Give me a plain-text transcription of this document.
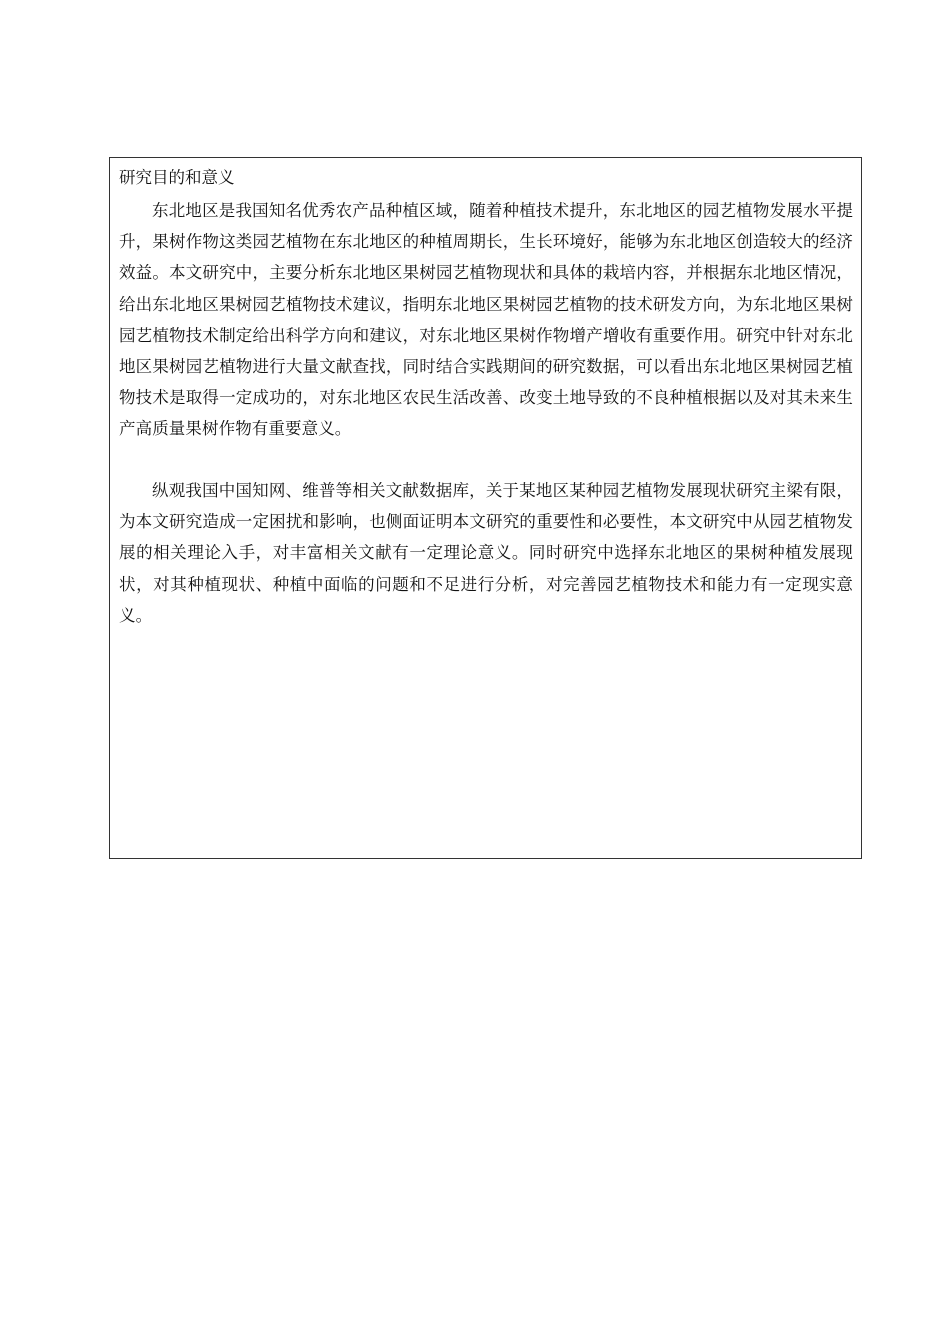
研究目的和意义

东北地区是我国知名优秀农产品种植区域，随着种植技术提升，东北地区的园艺植物发展水平提升，果树作物这类园艺植物在东北地区的种植周期长，生长环境好，能够为东北地区创造较大的经济效益。本文研究中，主要分析东北地区果树园艺植物现状和具体的栽培内容，并根据东北地区情况，给出东北地区果树园艺植物技术建议，指明东北地区果树园艺植物的技术研发方向，为东北地区果树园艺植物技术制定给出科学方向和建议，对东北地区果树作物增产增收有重要作用。研究中针对东北地区果树园艺植物进行大量文献查找，同时结合实践期间的研究数据，可以看出东北地区果树园艺植物技术是取得一定成功的，对东北地区农民生活改善、改变土地导致的不良种植根据以及对其未来生产高质量果树作物有重要意义。

纵观我国中国知网、维普等相关文献数据库，关于某地区某种园艺植物发展现状研究主梁有限，为本文研究造成一定困扰和影响，也侧面证明本文研究的重要性和必要性，本文研究中从园艺植物发展的相关理论入手，对丰富相关文献有一定理论意义。同时研究中选择东北地区的果树种植发展现状，对其种植现状、种植中面临的问题和不足进行分析，对完善园艺植物技术和能力有一定现实意义。
